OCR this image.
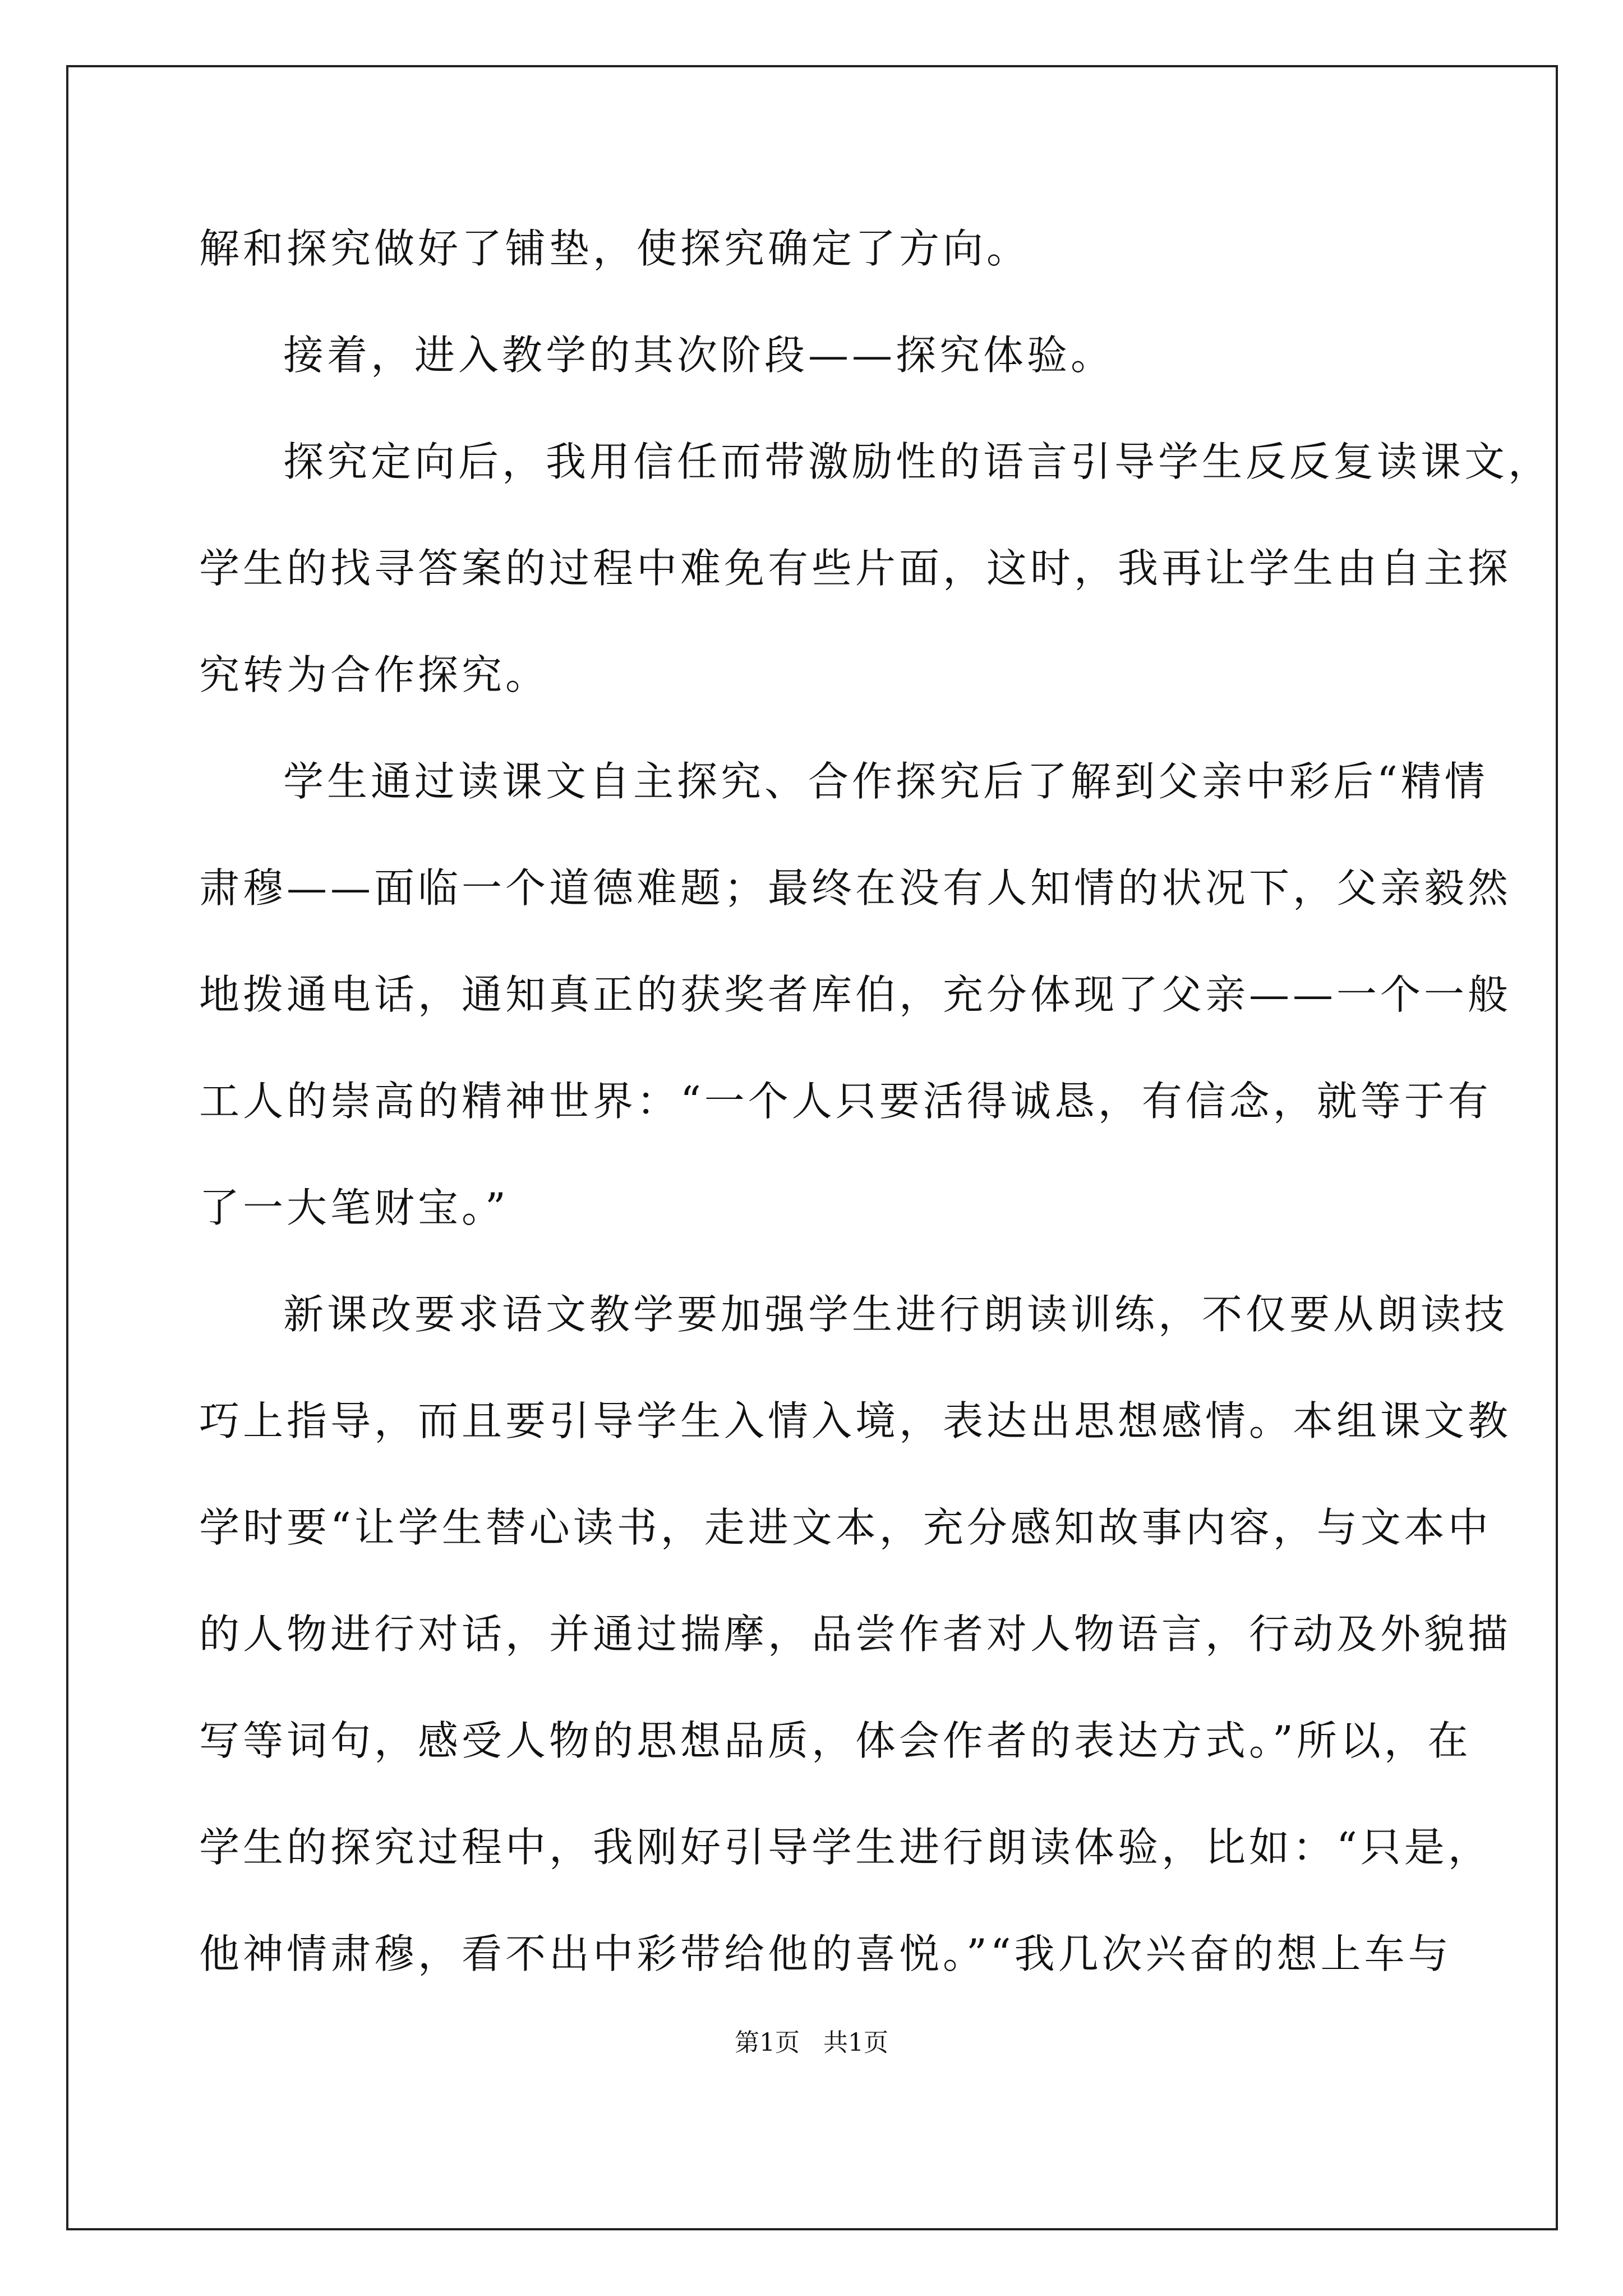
解和探究做好了铺垫，使探究确定了方向。
接着，进入教学的其次阶段——探究体验。
探究定向后，我用信任而带激励性的语言引导学生反反复读课文，
学生的找寻答案的过程中难免有些片面，这时，我再让学生由自主探
究转为合作探究。
学生通过读课文自主探究、合作探究后了解到父亲中彩后“精情
肃穆——面临一个道德难题；最终在没有人知情的状况下，父亲毅然
地拨通电话，通知真正的获奖者库伯，充分体现了父亲——一个一般
工人的崇高的精神世界：“一个人只要活得诚恳，有信念，就等于有
了一大笔财宝。”
新课改要求语文教学要加强学生进行朗读训练，不仅要从朗读技
巧上指导，而且要引导学生入情入境，表达出思想感情。本组课文教
学时要“让学生替心读书，走进文本，充分感知故事内容，与文本中
的人物进行对话，并通过揣摩，品尝作者对人物语言，行动及外貌描
写等词句，感受人物的思想品质，体会作者的表达方式。”所以，在
学生的探究过程中，我刚好引导学生进行朗读体验，比如：“只是，
他神情肃穆，看不出中彩带给他的喜悦。”“我几次兴奋的想上车与
第1页 共1页
